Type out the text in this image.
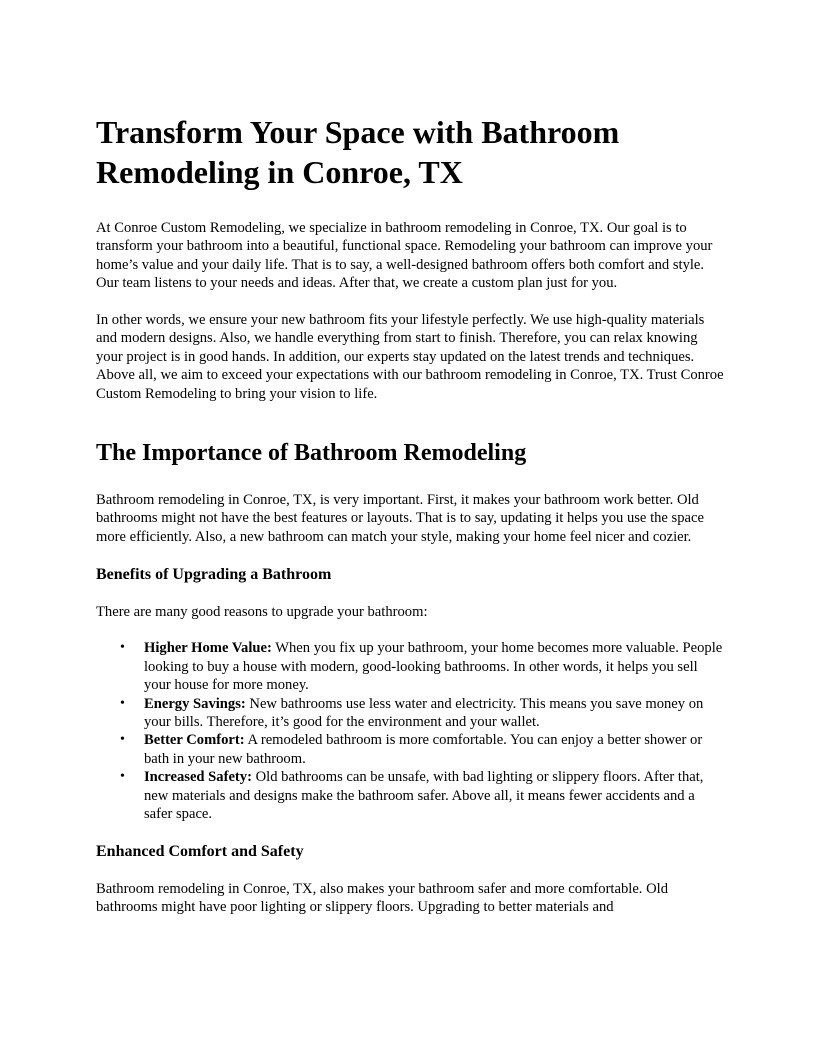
Transform Your Space with Bathroom Remodeling in Conroe, TX

At Conroe Custom Remodeling, we specialize in bathroom remodeling in Conroe, TX. Our goal is to transform your bathroom into a beautiful, functional space. Remodeling your bathroom can improve your home’s value and your daily life. That is to say, a well-designed bathroom offers both comfort and style. Our team listens to your needs and ideas. After that, we create a custom plan just for you.

In other words, we ensure your new bathroom fits your lifestyle perfectly. We use high-quality materials and modern designs. Also, we handle everything from start to finish. Therefore, you can relax knowing your project is in good hands. In addition, our experts stay updated on the latest trends and techniques. Above all, we aim to exceed your expectations with our bathroom remodeling in Conroe, TX. Trust Conroe Custom Remodeling to bring your vision to life.

The Importance of Bathroom Remodeling

Bathroom remodeling in Conroe, TX, is very important. First, it makes your bathroom work better. Old bathrooms might not have the best features or layouts. That is to say, updating it helps you use the space more efficiently. Also, a new bathroom can match your style, making your home feel nicer and cozier.

Benefits of Upgrading a Bathroom

There are many good reasons to upgrade your bathroom:

• Higher Home Value: When you fix up your bathroom, your home becomes more valuable. People looking to buy a house with modern, good-looking bathrooms. In other words, it helps you sell your house for more money.
• Energy Savings: New bathrooms use less water and electricity. This means you save money on your bills. Therefore, it’s good for the environment and your wallet.
• Better Comfort: A remodeled bathroom is more comfortable. You can enjoy a better shower or bath in your new bathroom.
• Increased Safety: Old bathrooms can be unsafe, with bad lighting or slippery floors. After that, new materials and designs make the bathroom safer. Above all, it means fewer accidents and a safer space.
Enhanced Comfort and Safety

Bathroom remodeling in Conroe, TX, also makes your bathroom safer and more comfortable. Old bathrooms might have poor lighting or slippery floors. Upgrading to better materials and
